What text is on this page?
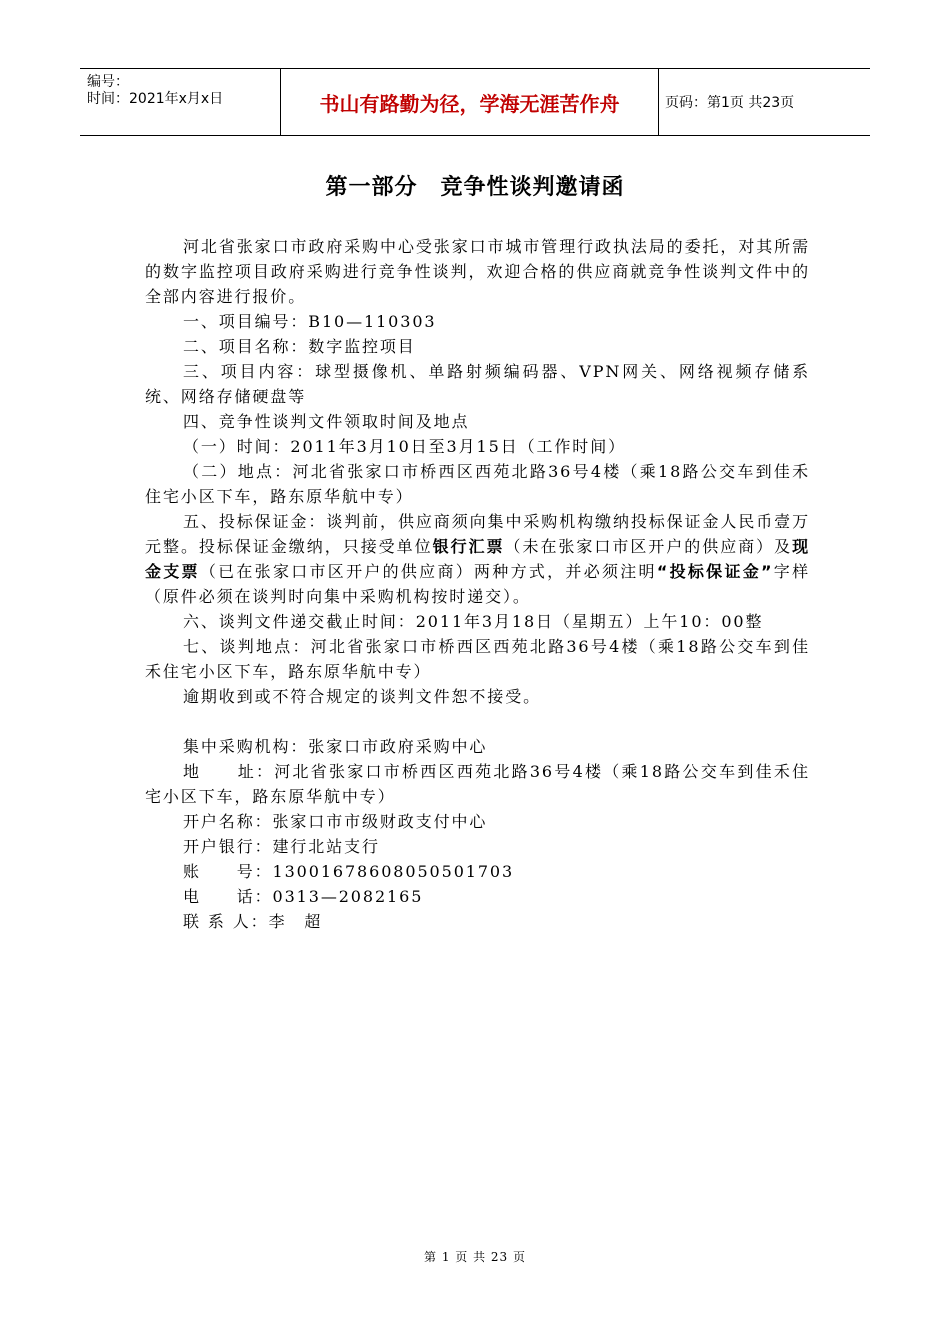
编号：
时间：2021年x月x日	书山有路勤为径，学海无涯苦作舟	页码：第1页 共23页
第一部分　竞争性谈判邀请函

河北省张家口市政府采购中心受张家口市城市管理行政执法局的委托，对其所需的数字监控项目政府采购进行竞争性谈判，欢迎合格的供应商就竞争性谈判文件中的全部内容进行报价。

一、项目编号：B10—110303

二、项目名称：数字监控项目

三、项目内容：球型摄像机、单路射频编码器、VPN网关、网络视频存储系统、网络存储硬盘等

四、竞争性谈判文件领取时间及地点

（一）时间：2011年3月10日至3月15日（工作时间）

（二）地点：河北省张家口市桥西区西苑北路36号4楼（乘18路公交车到佳禾住宅小区下车，路东原华航中专）

五、投标保证金：谈判前，供应商须向集中采购机构缴纳投标保证金人民币壹万元整。投标保证金缴纳，只接受单位银行汇票（未在张家口市区开户的供应商）及现金支票（已在张家口市区开户的供应商）两种方式，并必须注明“投标保证金”字样（原件必须在谈判时向集中采购机构按时递交）。

六、谈判文件递交截止时间：2011年3月18日（星期五）上午10：00整

七、谈判地点：河北省张家口市桥西区西苑北路36号4楼（乘18路公交车到佳禾住宅小区下车，路东原华航中专）

逾期收到或不符合规定的谈判文件恕不接受。

集中采购机构：张家口市政府采购中心

地　　址：河北省张家口市桥西区西苑北路36号4楼（乘18路公交车到佳禾住宅小区下车，路东原华航中专）

开户名称：张家口市市级财政支付中心

开户银行：建行北站支行

账　　号：13001678608050501703

电　　话：0313—2082165

联 系 人：李　超

第 1 页 共 23 页
